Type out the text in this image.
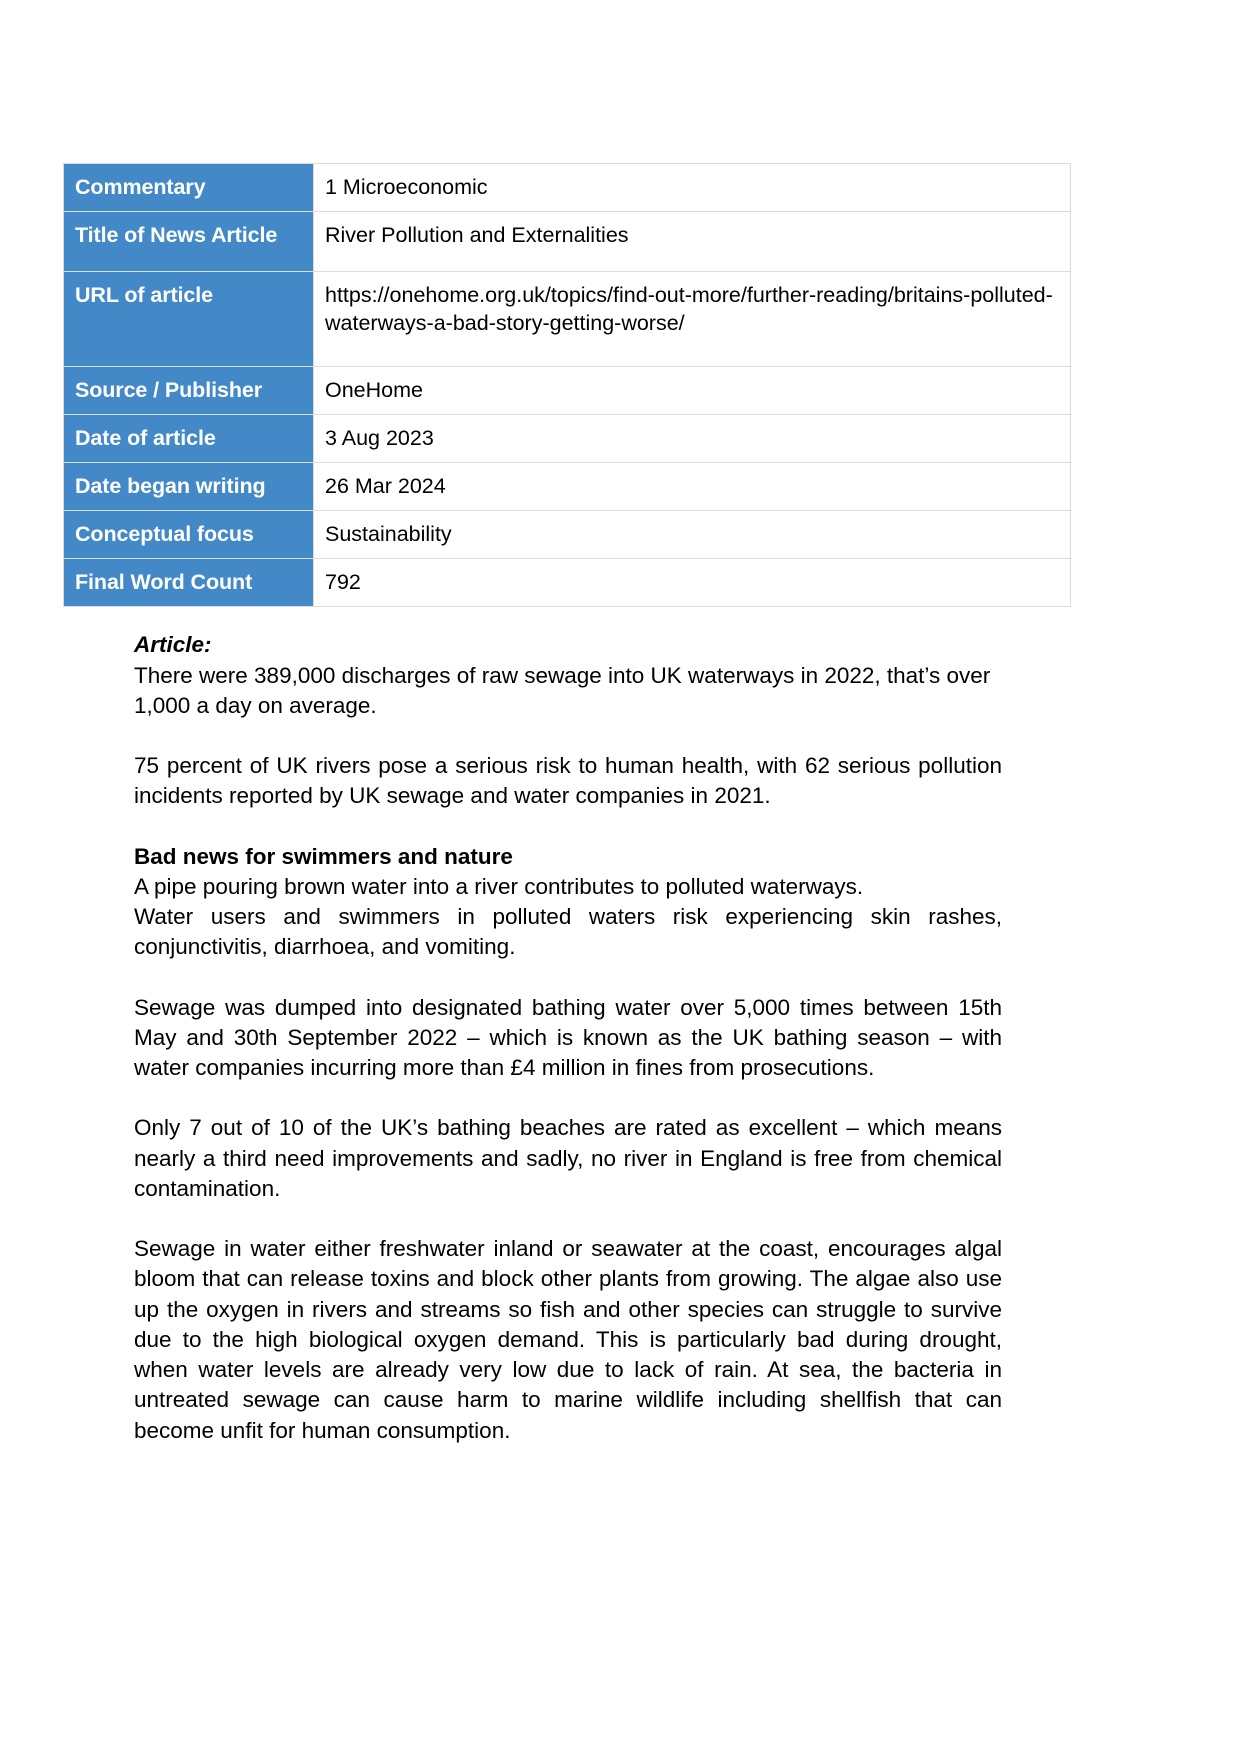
Commentary	1 Microeconomic
Title of News Article	River Pollution and Externalities
URL of article	https://onehome.org.uk/topics/find-out-more/further-reading/britains-polluted-waterways-a-bad-story-getting-worse/
Source / Publisher	OneHome
Date of article	3 Aug 2023
Date began writing	26 Mar 2024
Conceptual focus	Sustainability
Final Word Count	792

Article:

There were 389,000 discharges of raw sewage into UK waterways in 2022, that’s over 1,000 a day on average.

75 percent of UK rivers pose a serious risk to human health, with 62 serious pollution incidents reported by UK sewage and water companies in 2021.

Bad news for swimmers and nature

A pipe pouring brown water into a river contributes to polluted waterways.

Water users and swimmers in polluted waters risk experiencing skin rashes, conjunctivitis, diarrhoea, and vomiting.

Sewage was dumped into designated bathing water over 5,000 times between 15th May and 30th September 2022 – which is known as the UK bathing season – with water companies incurring more than £4 million in fines from prosecutions.

Only 7 out of 10 of the UK’s bathing beaches are rated as excellent – which means nearly a third need improvements and sadly, no river in England is free from chemical contamination.

Sewage in water either freshwater inland or seawater at the coast, encourages algal bloom that can release toxins and block other plants from growing. The algae also use up the oxygen in rivers and streams so fish and other species can struggle to survive due to the high biological oxygen demand. This is particularly bad during drought, when water levels are already very low due to lack of rain. At sea, the bacteria in untreated sewage can cause harm to marine wildlife including shellfish that can become unfit for human consumption.
